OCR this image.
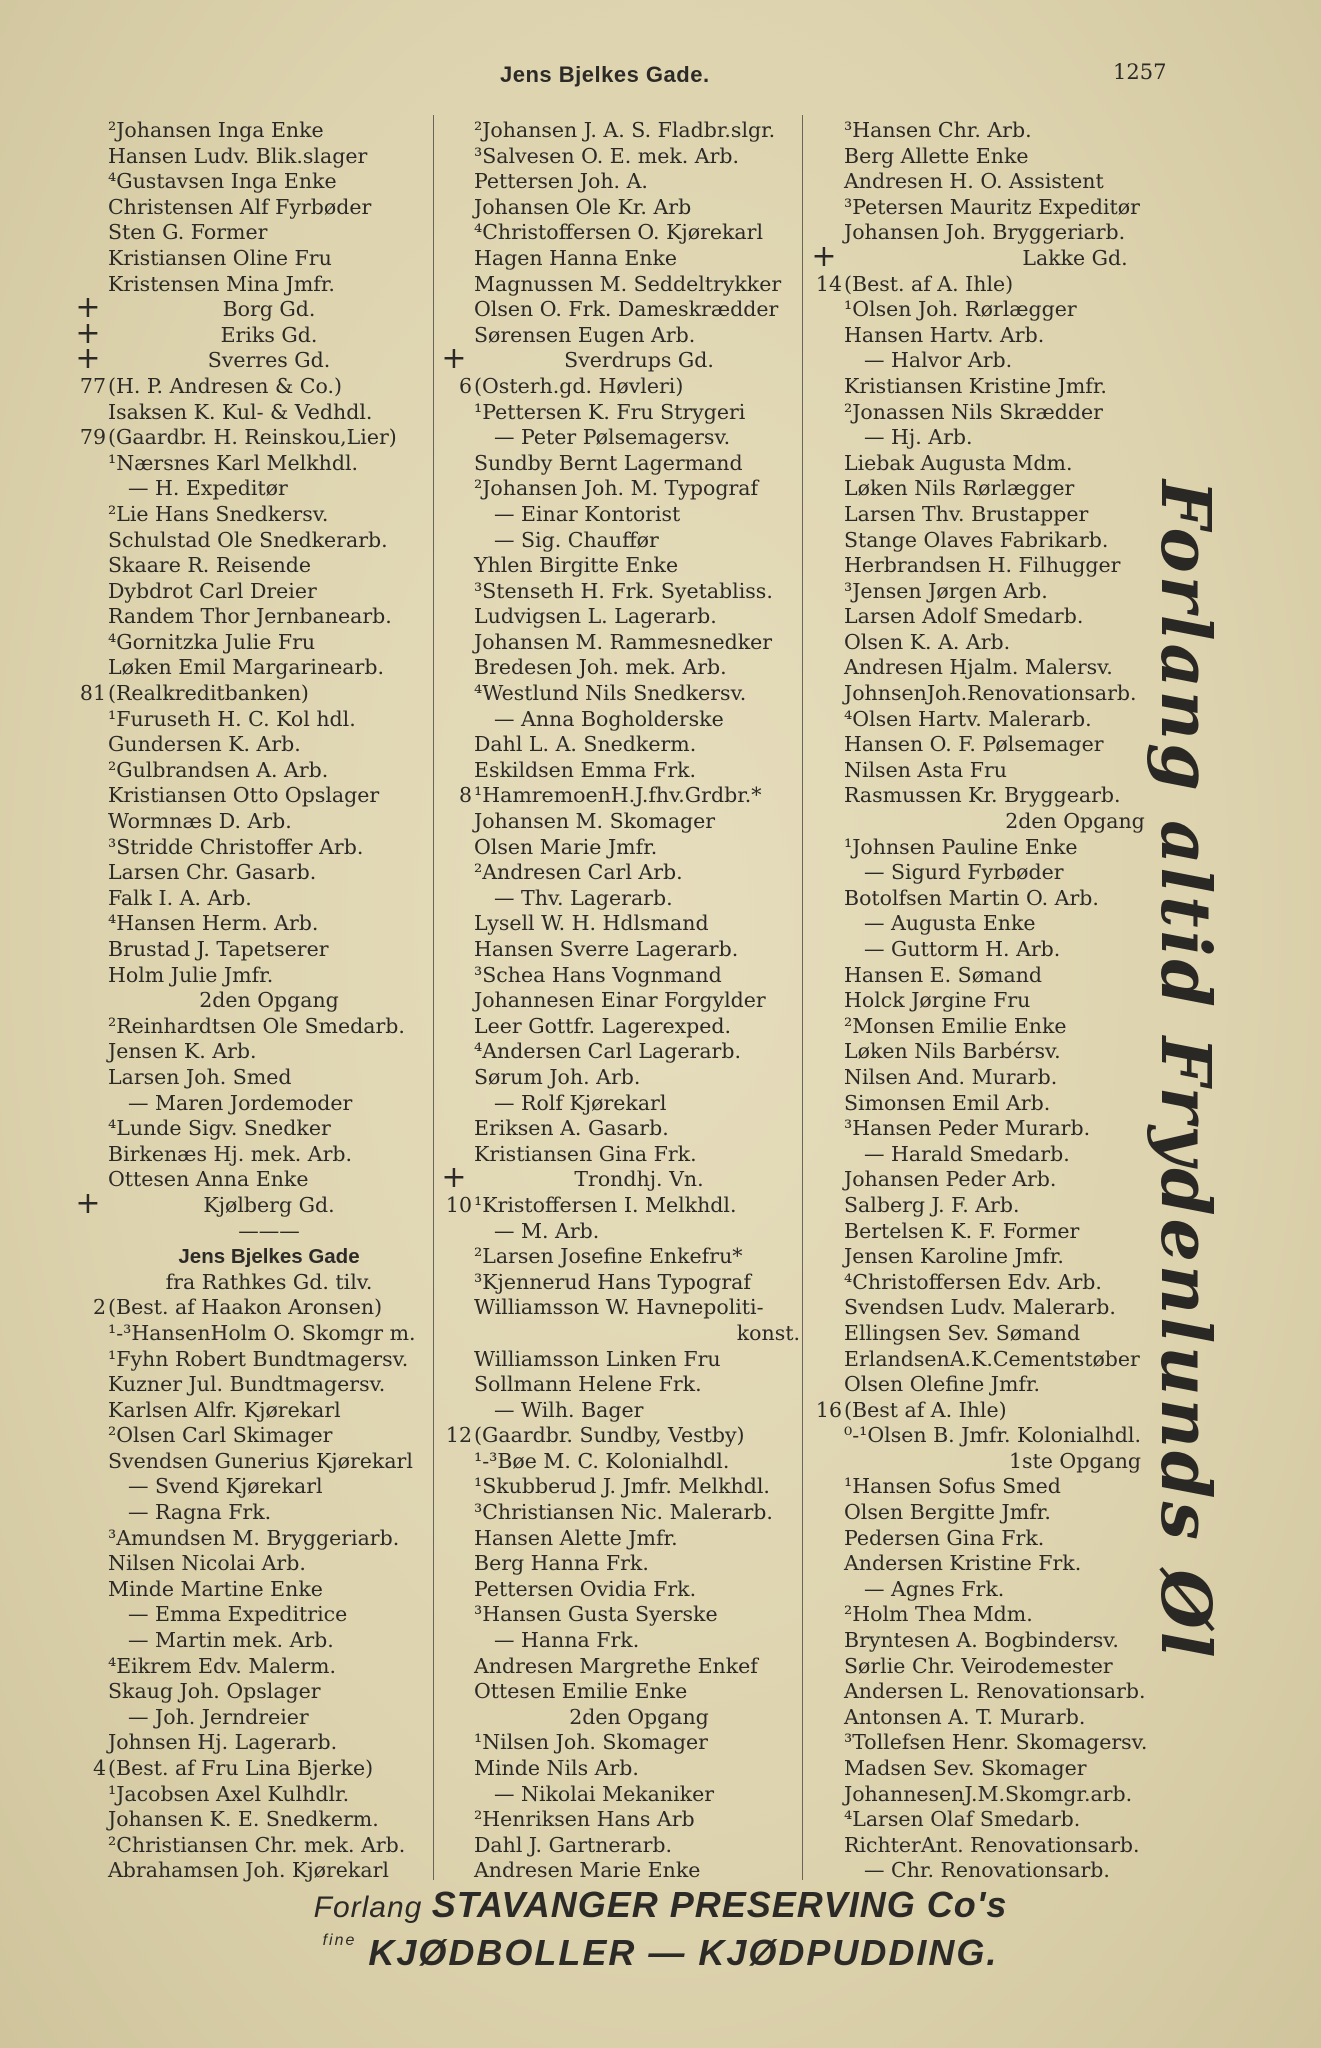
Jens Bjelkes Gade.	1257
²Johansen Inga Enke
Hansen Ludv. Blik.slager
⁴Gustavsen Inga Enke
Christensen Alf Fyrbøder
Sten G. Former
Kristiansen Oline Fru
Kristensen Mina Jmfr.
+	Borg Gd.
+	Eriks Gd.
+	Sverres Gd.
77 (H. P. Andresen & Co.)
Isaksen K. Kul- & Vedhdl.
79 (Gaardbr. H. Reinskou,Lier)
¹Nærsnes Karl Melkhdl.
— H. Expeditør
²Lie Hans Snedkersv.
Schulstad Ole Snedkerarb.
Skaare R. Reisende
Dybdrot Carl Dreier
Randem Thor Jernbanearb.
⁴Gornitzka Julie Fru
Løken Emil Margarinearb.
81 (Realkreditbanken)
¹Furuseth H. C. Kol hdl.
Gundersen K. Arb.
²Gulbrandsen A. Arb.
Kristiansen Otto Opslager
Wormnæs D. Arb.
³Stridde Christoffer Arb.
Larsen Chr. Gasarb.
Falk I. A. Arb.
⁴Hansen Herm. Arb.
Brustad J. Tapetserer
Holm Julie Jmfr.
2den Opgang
²Reinhardtsen Ole Smedarb.
Jensen K. Arb.
Larsen Joh. Smed
— Maren Jordemoder
⁴Lunde Sigv. Snedker
Birkenæs Hj. mek. Arb.
Ottesen Anna Enke
+	Kjølberg Gd.
———
Jens Bjelkes Gade
fra Rathkes Gd. tilv.
2 (Best. af Haakon Aronsen)
¹-³HansenHolm O. Skomgr m.
¹Fyhn Robert Bundtmagersv.
Kuzner Jul. Bundtmagersv.
Karlsen Alfr. Kjørekarl
²Olsen Carl Skimager
Svendsen Gunerius Kjørekarl
— Svend Kjørekarl
— Ragna Frk.
³Amundsen M. Bryggeriarb.
Nilsen Nicolai Arb.
Minde Martine Enke
— Emma Expeditrice
— Martin mek. Arb.
⁴Eikrem Edv. Malerm.
Skaug Joh. Opslager
— Joh. Jerndreier
Johnsen Hj. Lagerarb.
4 (Best. af Fru Lina Bjerke)
¹Jacobsen Axel Kulhdlr.
Johansen K. E. Snedkerm.
²Christiansen Chr. mek. Arb.
Abrahamsen Joh. Kjørekarl
²Johansen J. A. S. Fladbr.slgr.
³Salvesen O. E. mek. Arb.
Pettersen Joh. A.
Johansen Ole Kr. Arb
⁴Christoffersen O. Kjørekarl
Hagen Hanna Enke
Magnussen M. Seddeltrykker
Olsen O. Frk. Dameskrædder
Sørensen Eugen Arb.
+	Sverdrups Gd.
6 (Osterh.gd. Høvleri)
¹Pettersen K. Fru Strygeri
— Peter Pølsemagersv.
Sundby Bernt Lagermand
²Johansen Joh. M. Typograf
— Einar Kontorist
— Sig. Chauffør
Yhlen Birgitte Enke
³Stenseth H. Frk. Syetabliss.
Ludvigsen L. Lagerarb.
Johansen M. Rammesnedker
Bredesen Joh. mek. Arb.
⁴Westlund Nils Snedkersv.
— Anna Bogholderske
Dahl L. A. Snedkerm.
Eskildsen Emma Frk.
8 ¹HamremoenH.J.fhv.Grdbr.*
Johansen M. Skomager
Olsen Marie Jmfr.
²Andresen Carl Arb.
— Thv. Lagerarb.
Lysell W. H. Hdlsmand
Hansen Sverre Lagerarb.
³Schea Hans Vognmand
Johannesen Einar Forgylder
Leer Gottfr. Lagerexped.
⁴Andersen Carl Lagerarb.
Sørum Joh. Arb.
— Rolf Kjørekarl
Eriksen A. Gasarb.
Kristiansen Gina Frk.
+	Trondhj. Vn.
10 ¹Kristoffersen I. Melkhdl.
— M. Arb.
²Larsen Josefine Enkefru*
³Kjennerud Hans Typograf
Williamsson W. Havnepoliti-
konst.
Williamsson Linken Fru
Sollmann Helene Frk.
— Wilh. Bager
12 (Gaardbr. Sundby, Vestby)
¹-³Bøe M. C. Kolonialhdl.
¹Skubberud J. Jmfr. Melkhdl.
³Christiansen Nic. Malerarb.
Hansen Alette Jmfr.
Berg Hanna Frk.
Pettersen Ovidia Frk.
³Hansen Gusta Syerske
— Hanna Frk.
Andresen Margrethe Enkef
Ottesen Emilie Enke
2den Opgang
¹Nilsen Joh. Skomager
Minde Nils Arb.
— Nikolai Mekaniker
²Henriksen Hans Arb
Dahl J. Gartnerarb.
Andresen Marie Enke
³Hansen Chr. Arb.
Berg Allette Enke
Andresen H. O. Assistent
³Petersen Mauritz Expeditør
Johansen Joh. Bryggeriarb.
+	Lakke Gd.
14 (Best. af A. Ihle)
¹Olsen Joh. Rørlægger
Hansen Hartv. Arb.
— Halvor Arb.
Kristiansen Kristine Jmfr.
²Jonassen Nils Skrædder
— Hj. Arb.
Liebak Augusta Mdm.
Løken Nils Rørlægger
Larsen Thv. Brustapper
Stange Olaves Fabrikarb.
Herbrandsen H. Filhugger
³Jensen Jørgen Arb.
Larsen Adolf Smedarb.
Olsen K. A. Arb.
Andresen Hjalm. Malersv.
JohnsenJoh.Renovationsarb.
⁴Olsen Hartv. Malerarb.
Hansen O. F. Pølsemager
Nilsen Asta Fru
Rasmussen Kr. Bryggearb.
2den Opgang
¹Johnsen Pauline Enke
— Sigurd Fyrbøder
Botolfsen Martin O. Arb.
— Augusta Enke
— Guttorm H. Arb.
Hansen E. Sømand
Holck Jørgine Fru
²Monsen Emilie Enke
Løken Nils Barbérsv.
Nilsen And. Murarb.
Simonsen Emil Arb.
³Hansen Peder Murarb.
— Harald Smedarb.
Johansen Peder Arb.
Salberg J. F. Arb.
Bertelsen K. F. Former
Jensen Karoline Jmfr.
⁴Christoffersen Edv. Arb.
Svendsen Ludv. Malerarb.
Ellingsen Sev. Sømand
ErlandsenA.K.Cementstøber
Olsen Olefine Jmfr.
16 (Best af A. Ihle)
⁰-¹Olsen B. Jmfr. Kolonialhdl.
1ste Opgang
¹Hansen Sofus Smed
Olsen Bergitte Jmfr.
Pedersen Gina Frk.
Andersen Kristine Frk.
— Agnes Frk.
²Holm Thea Mdm.
Bryntesen A. Bogbindersv.
Sørlie Chr. Veirodemester
Andersen L. Renovationsarb.
Antonsen A. T. Murarb.
³Tollefsen Henr. Skomagersv.
Madsen Sev. Skomager
JohannesenJ.M.Skomgr.arb.
⁴Larsen Olaf Smedarb.
RichterAnt. Renovationsarb.
— Chr. Renovationsarb.
Forlang altid Frydenlunds Øl
Forlang STAVANGER PRESERVING Co's
$^{fine}$ KJØDBOLLER — KJØDPUDDING.
